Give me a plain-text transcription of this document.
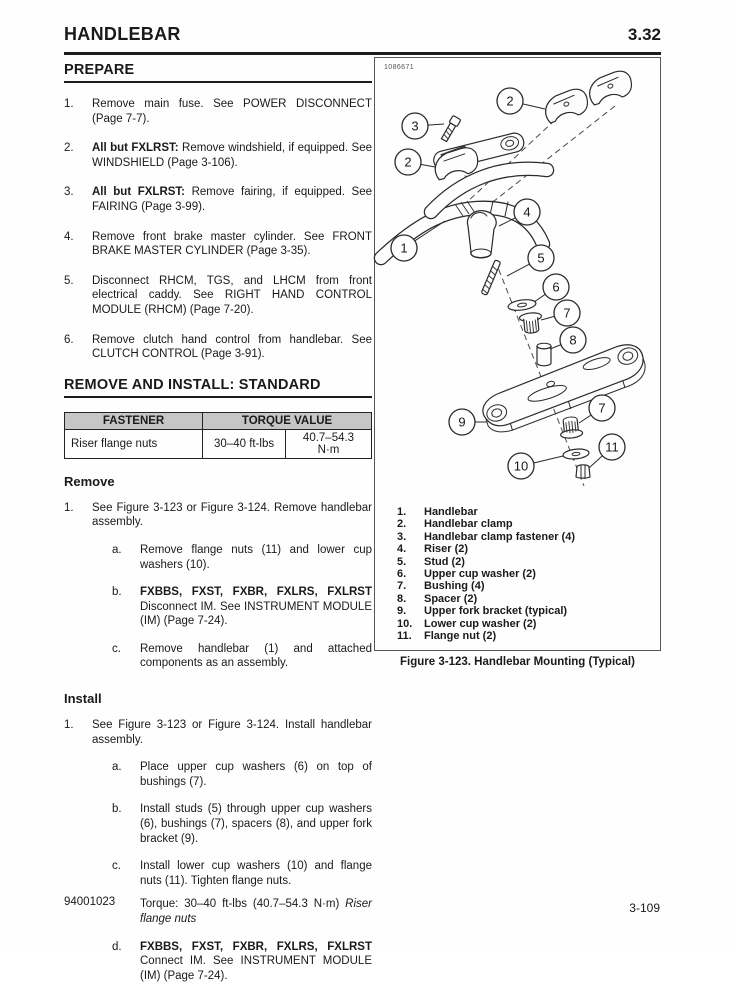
HANDLEBAR	3.32
PREPARE
1.	Remove main fuse. See POWER DISCONNECT (Page 7-7).
2.	All but FXLRST: Remove windshield, if equipped. See WINDSHIELD (Page 3-106).
3.	All but FXLRST: Remove fairing, if equipped. See FAIRING (Page 3-99).
4.	Remove front brake master cylinder. See FRONT BRAKE MASTER CYLINDER (Page 3-35).
5.	Disconnect RHCM, TGS, and LHCM from front electrical caddy. See RIGHT HAND CONTROL MODULE (RHCM) (Page 7-20).
6.	Remove clutch hand control from handlebar. See CLUTCH CONTROL (Page 3-91).
REMOVE AND INSTALL: STANDARD
FASTENER	TORQUE VALUE	
Riser flange nuts	30–40 ft-lbs	40.7–54.3 N·m
Remove
1.	See Figure 3-123 or Figure 3-124. Remove handlebar assembly.
a.	Remove flange nuts (11) and lower cup washers (10).
b.	FXBBS, FXST, FXBR, FXLRS, FXLRST Disconnect IM. See INSTRUMENT MODULE (IM) (Page 7-24).
c.	Remove handlebar (1) and attached components as an assembly.
Install
1.	See Figure 3-123 or Figure 3-124. Install handlebar assembly.
a.	Place upper cup washers (6) on top of bushings (7).
b.	Install studs (5) through upper cup washers (6), bushings (7), spacers (8), and upper fork bracket (9).
c.	Install lower cup washers (10) and flange nuts (11). Tighten flange nuts.
Torque: 30–40 ft-lbs (40.7–54.3 N·m) Riser flange nuts
d.	FXBBS, FXST, FXBR, FXLRS, FXLRST Connect IM. See INSTRUMENT MODULE (IM) (Page 7-24).
1086671
2
3
2
1
4
5
6
7
8
9
7
10
11
1.	Handlebar
2.	Handlebar clamp
3.	Handlebar clamp fastener (4)
4.	Riser (2)
5.	Stud (2)
6.	Upper cup washer (2)
7.	Bushing (4)
8.	Spacer (2)
9.	Upper fork bracket (typical)
10.	Lower cup washer (2)
11.	Flange nut (2)
Figure 3-123. Handlebar Mounting (Typical)
94001023	3-109
